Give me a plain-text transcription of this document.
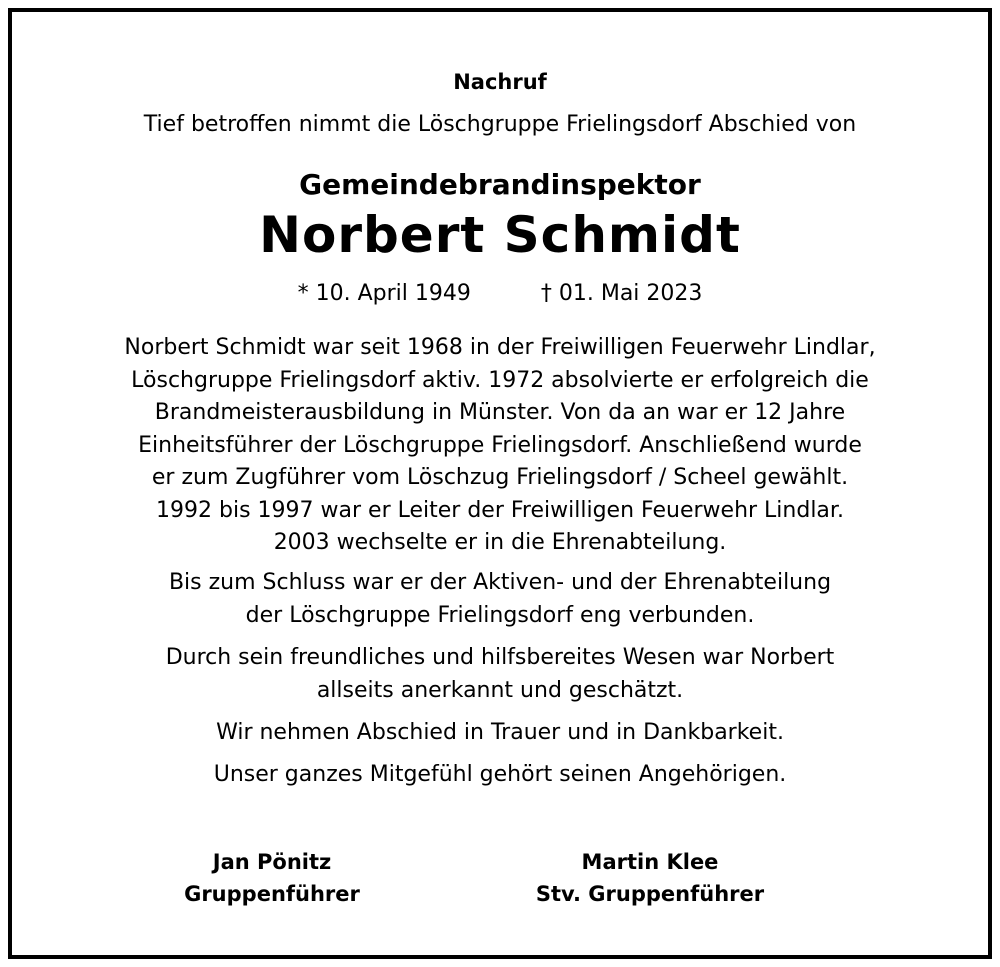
Nachruf
Tief betroffen nimmt die Löschgruppe Frielingsdorf Abschied von
Gemeindebrandinspektor
Norbert Schmidt
* 10. April 1949	† 01. Mai 2023
Norbert Schmidt war seit 1968 in der Freiwilligen Feuerwehr Lindlar,
Löschgruppe Frielingsdorf aktiv. 1972 absolvierte er erfolgreich die
Brandmeisterausbildung in Münster. Von da an war er 12 Jahre
Einheitsführer der Löschgruppe Frielingsdorf. Anschließend wurde
er zum Zugführer vom Löschzug Frielingsdorf / Scheel gewählt.
1992 bis 1997 war er Leiter der Freiwilligen Feuerwehr Lindlar.
2003 wechselte er in die Ehrenabteilung.
Bis zum Schluss war er der Aktiven- und der Ehrenabteilung
der Löschgruppe Frielingsdorf eng verbunden.
Durch sein freundliches und hilfsbereites Wesen war Norbert
allseits anerkannt und geschätzt.
Wir nehmen Abschied in Trauer und in Dankbarkeit.
Unser ganzes Mitgefühl gehört seinen Angehörigen.
Jan Pönitz
Gruppenführer
Martin Klee
Stv. Gruppenführer
